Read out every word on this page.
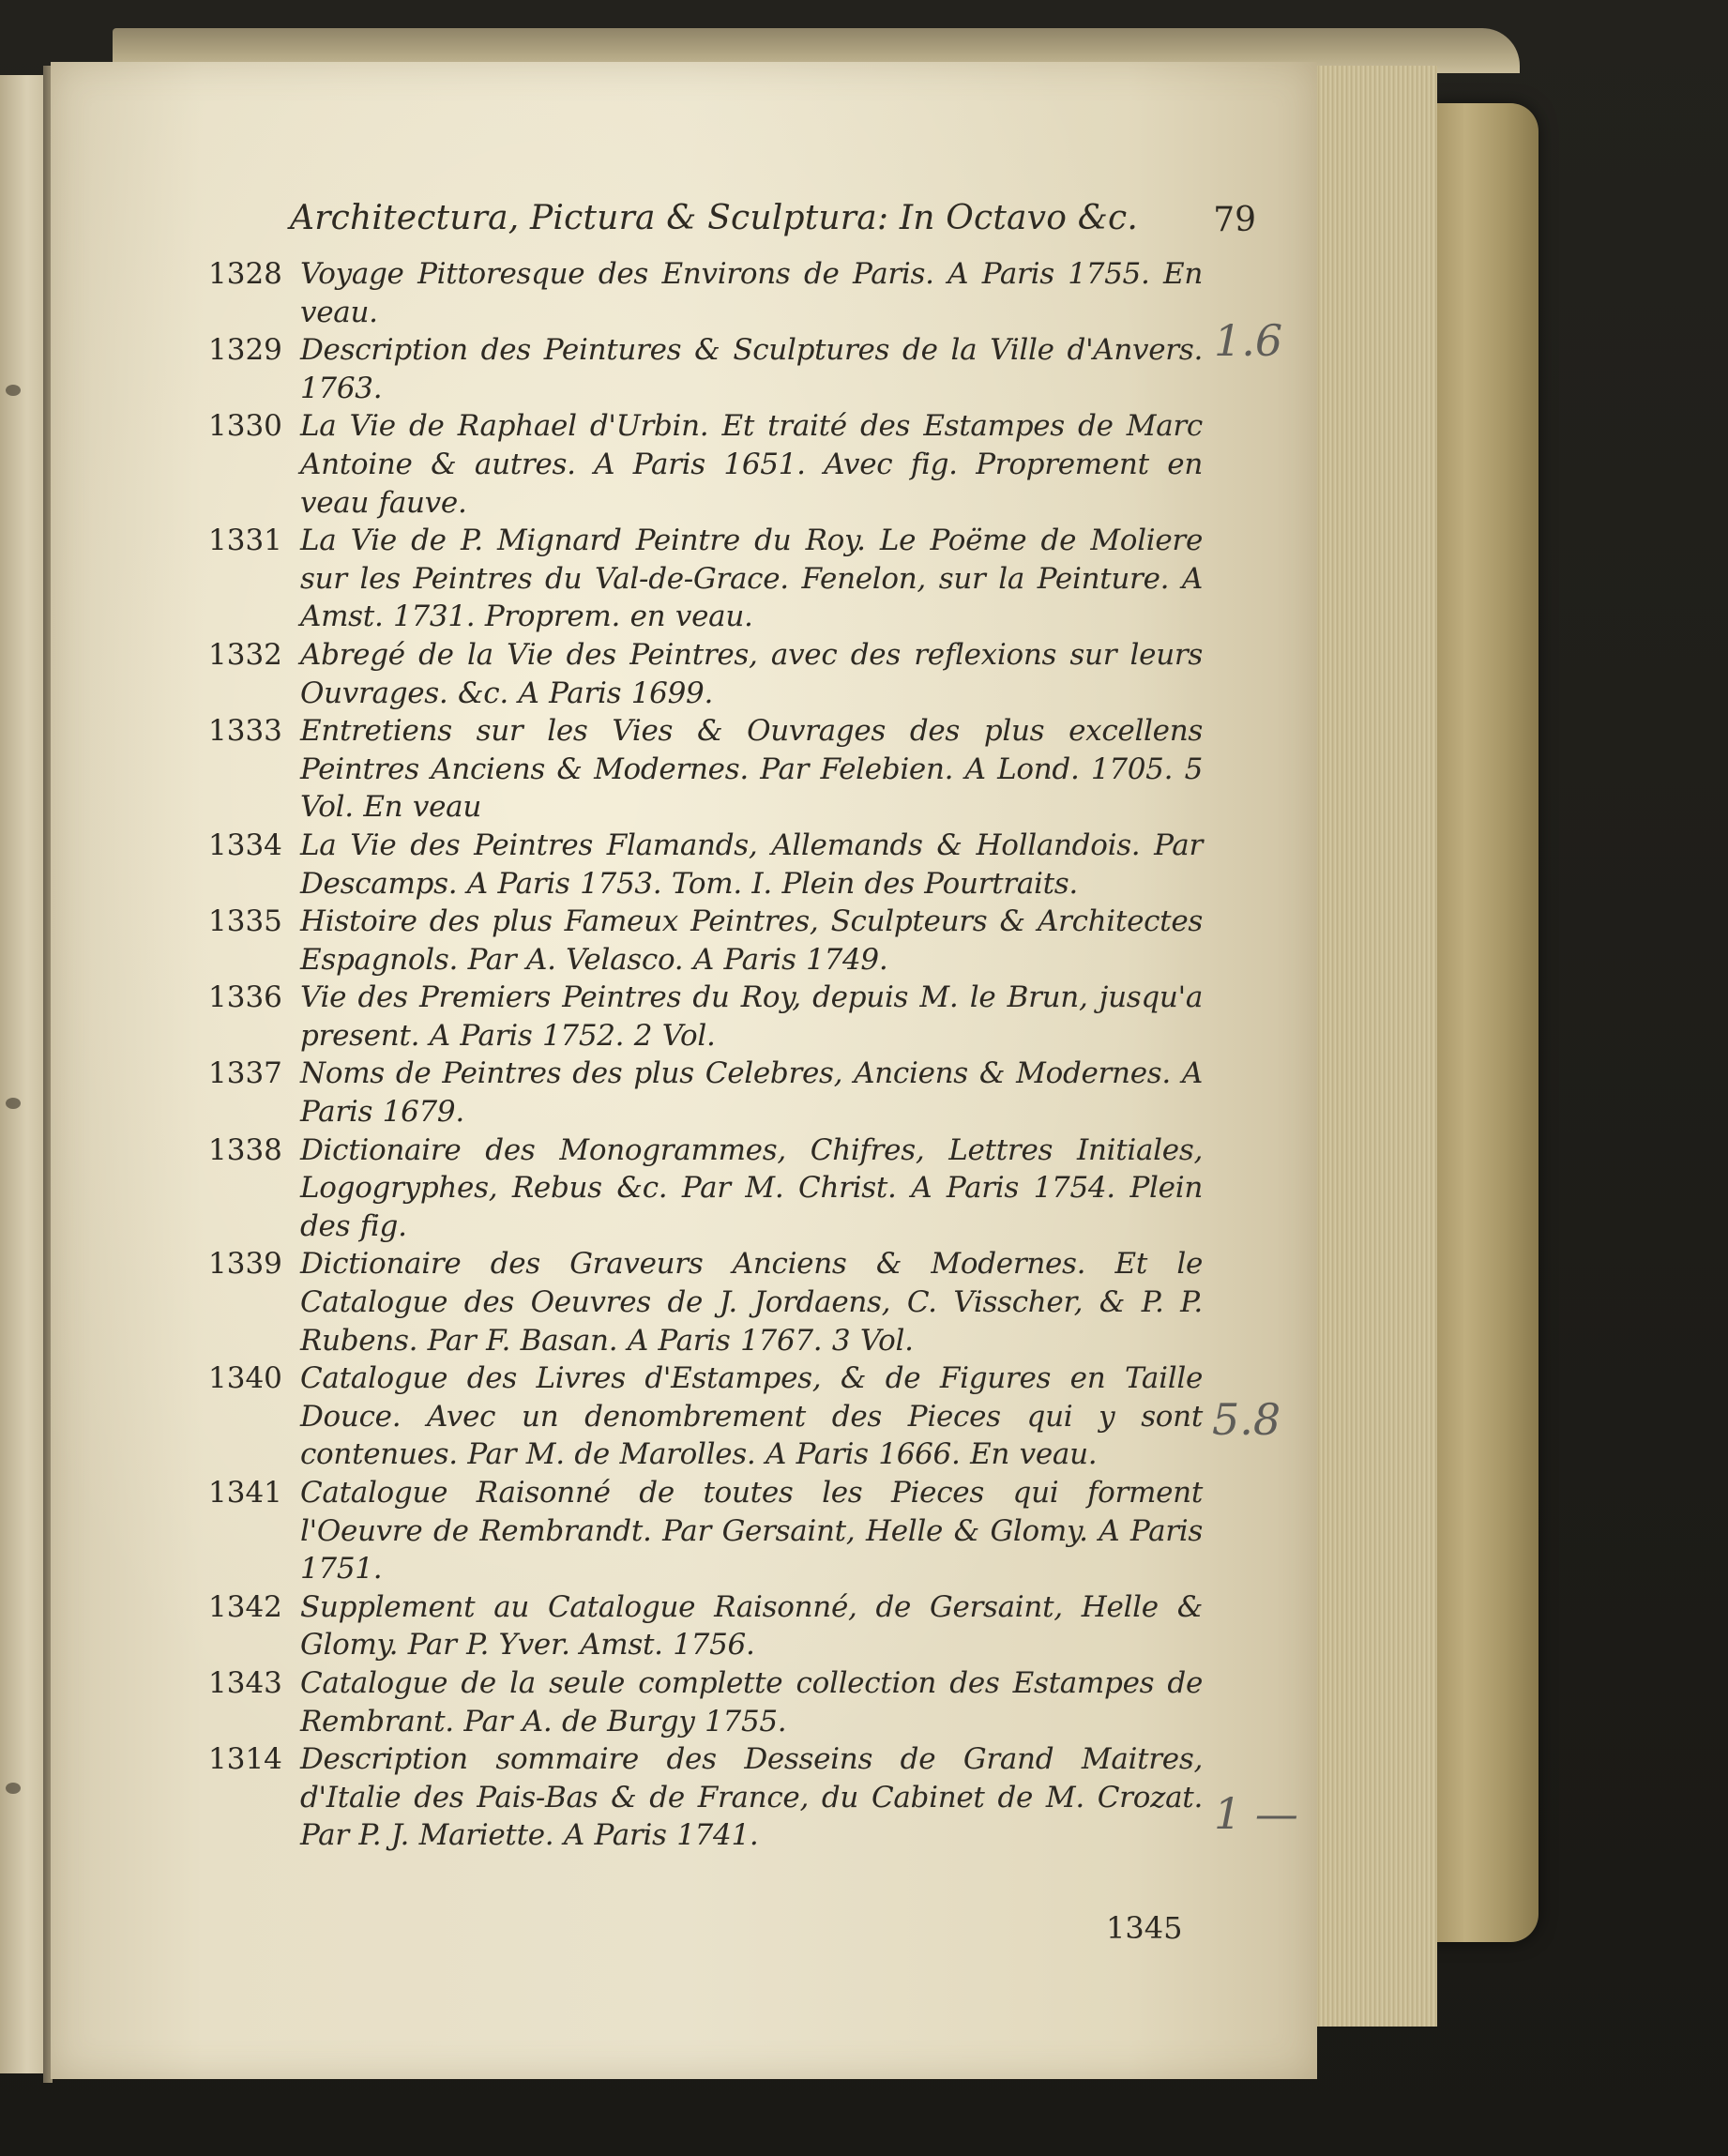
Architectura, Pictura & Sculptura: In Octavo &c. 79
1328 Voyage Pittoresque des Environs de Paris. A Paris 1755. En veau.
1329 Description des Peintures & Sculptures de la Ville d'Anvers. 1763.
1330 La Vie de Raphael d'Urbin. Et traité des Estampes de Marc Antoine & autres. A Paris 1651. Avec fig. Proprement en veau fauve.
1331 La Vie de P. Mignard Peintre du Roy. Le Poëme de Moliere sur les Peintres du Val-de-Grace. Fenelon, sur la Peinture. A Amst. 1731. Proprem. en veau.
1332 Abregé de la Vie des Peintres, avec des reflexions sur leurs Ouvrages. &c. A Paris 1699.
1333 Entretiens sur les Vies & Ouvrages des plus excellens Peintres Anciens & Modernes. Par Felebien. A Lond. 1705. 5 Vol. En veau
1334 La Vie des Peintres Flamands, Allemands & Hollandois. Par Descamps. A Paris 1753. Tom. I. Plein des Pourtraits.
1335 Histoire des plus Fameux Peintres, Sculpteurs & Architectes Espagnols. Par A. Velasco. A Paris 1749.
1336 Vie des Premiers Peintres du Roy, depuis M. le Brun, jusqu'a present. A Paris 1752. 2 Vol.
1337 Noms de Peintres des plus Celebres, Anciens & Modernes. A Paris 1679.
1338 Dictionaire des Monogrammes, Chifres, Lettres Initiales, Logogryphes, Rebus &c. Par M. Christ. A Paris 1754. Plein des fig.
1339 Dictionaire des Graveurs Anciens & Modernes. Et le Catalogue des Oeuvres de J. Jordaens, C. Visscher, & P. P. Rubens. Par F. Basan. A Paris 1767. 3 Vol.
1340 Catalogue des Livres d'Estampes, & de Figures en Taille Douce. Avec un denombrement des Pieces qui y sont contenues. Par M. de Marolles. A Paris 1666. En veau.
1341 Catalogue Raisonné de toutes les Pieces qui forment l'Oeuvre de Rembrandt. Par Gersaint, Helle & Glomy. A Paris 1751.
1342 Supplement au Catalogue Raisonné, de Gersaint, Helle & Glomy. Par P. Yver. Amst. 1756.
1343 Catalogue de la seule complette collection des Estampes de Rembrant. Par A. de Burgy 1755.
1314 Description sommaire des Desseins de Grand Maitres, d'Italie des Pais-Bas & de France, du Cabinet de M. Crozat. Par P. J. Mariette. A Paris 1741.
1345
1.6
5.8
1 —
